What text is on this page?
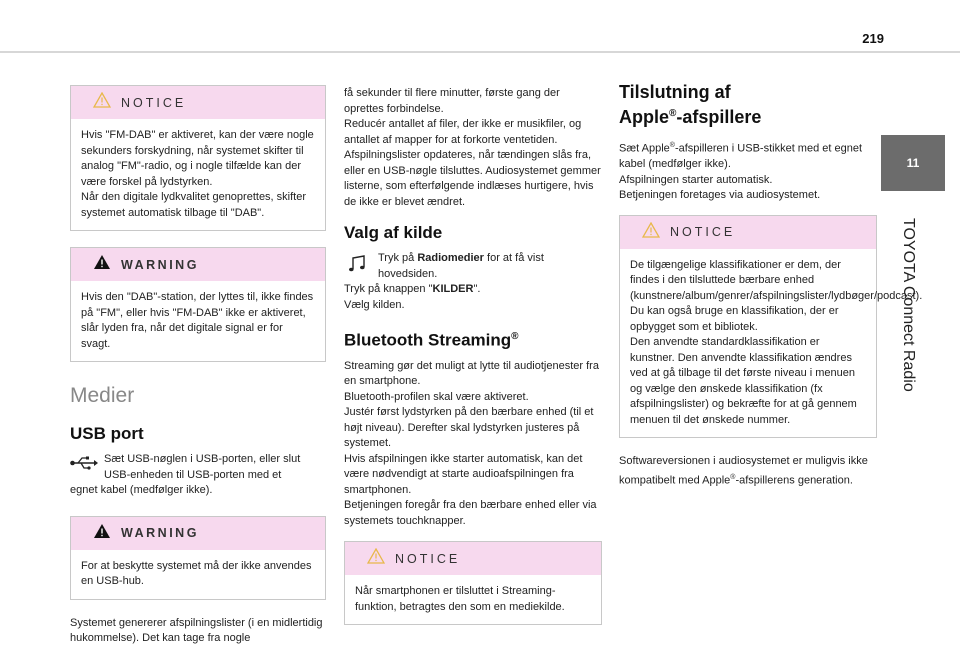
219
11
TOYOTA Connect Radio
NOTICE
Hvis "FM-DAB" er aktiveret, kan der være nogle sekunders forskydning, når systemet skifter til analog "FM"-radio, og i nogle tilfælde kan der være forskel på lydstyrken.
Når den digitale lydkvalitet genoprettes, skifter systemet automatisk tilbage til "DAB".
WARNING
Hvis den "DAB"-station, der lyttes til, ikke findes på "FM", eller hvis "FM-DAB" ikke er aktiveret, slår lyden fra, når det digitale signal er for svagt.
Medier
USB port
Sæt USB-nøglen i USB-porten, eller slut USB-enheden til USB-porten med et
egnet kabel (medfølger ikke).
WARNING
For at beskytte systemet må der ikke anvendes en USB-hub.
Systemet genererer afspilningslister (i en midlertidig hukommelse). Det kan tage fra nogle
få sekunder til flere minutter, første gang der oprettes forbindelse.
Reducér antallet af filer, der ikke er musikfiler, og antallet af mapper for at forkorte ventetiden.
Afspilningslister opdateres, når tændingen slås fra, eller en USB-nøgle tilsluttes. Audiosystemet gemmer listerne, som efterfølgende indlæses hurtigere, hvis de ikke er blevet ændret.
Valg af kilde
Tryk på Radiomedier for at få vist hovedsiden.
Tryk på knappen "KILDER".
Vælg kilden.
Bluetooth Streaming®
Streaming gør det muligt at lytte til audiotjenester fra en smartphone.
Bluetooth-profilen skal være aktiveret.
Justér først lydstyrken på den bærbare enhed (til et højt niveau). Derefter skal lydstyrken justeres på systemet.
Hvis afspilningen ikke starter automatisk, kan det være nødvendigt at starte audioafspilningen fra smartphonen.
Betjeningen foregår fra den bærbare enhed eller via systemets touchknapper.
NOTICE
Når smartphonen er tilsluttet i Streaming-funktion, betragtes den som en mediekilde.
Tilslutning af
Apple®-afspillere
Sæt Apple®-afspilleren i USB-stikket med et egnet kabel (medfølger ikke).
Afspilningen starter automatisk.
Betjeningen foretages via audiosystemet.
NOTICE
De tilgængelige klassifikationer er dem, der findes i den tilsluttede bærbare enhed (kunstnere/album/genrer/afspilningslister/lydbøger/podcast). Du kan også bruge en klassifikation, der er opbygget som et bibliotek.
Den anvendte standardklassifikation er kunstner. Den anvendte klassifikation ændres ved at gå tilbage til det første niveau i menuen og vælge den ønskede klassifikation (fx afspilningslister) og bekræfte for at gå gennem menuen til det ønskede nummer.
Softwareversionen i audiosystemet er muligvis ikke kompatibelt med Apple®-afspillerens generation.
